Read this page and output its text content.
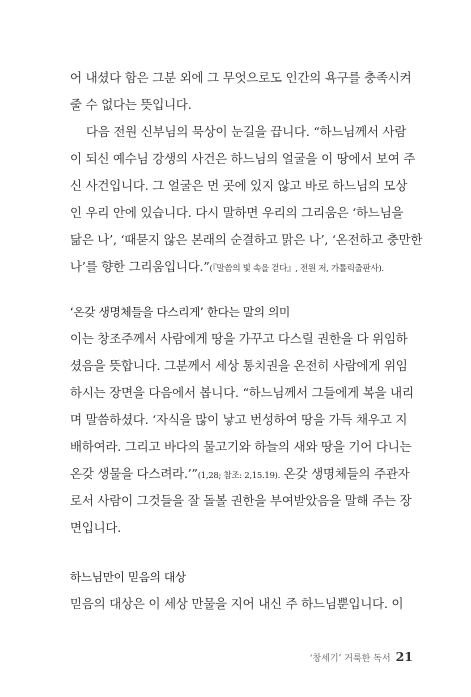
어 내셨다 함은 그분 외에 그 무엇으로도 인간의 욕구를 충족시켜
줄 수 없다는 뜻입니다.
다음 전원 신부님의 묵상이 눈길을 끕니다. “하느님께서 사람
이 되신 예수님 강생의 사건은 하느님의 얼굴을 이 땅에서 보여 주
신 사건입니다. 그 얼굴은 먼 곳에 있지 않고 바로 하느님의 모상
인 우리 안에 있습니다. 다시 말하면 우리의 그리움은 ‘하느님을
닮은 나’, ‘때묻지 않은 본래의 순결하고 맑은 나’, ‘온전하고 충만한
나’를 향한 그리움입니다.”(『말씀의 빛 속을 걷다』, 전원 저, 가톨릭출판사).
‘온갖 생명체들을 다스리게’ 한다는 말의 의미
이는 창조주께서 사람에게 땅을 가꾸고 다스릴 권한을 다 위임하
셨음을 뜻합니다. 그분께서 세상 통치권을 온전히 사람에게 위임
하시는 장면을 다음에서 봅니다. “하느님께서 그들에게 복을 내리
며 말씀하셨다. ‘자식을 많이 낳고 번성하여 땅을 가득 채우고 지
배하여라. 그리고 바다의 물고기와 하늘의 새와 땅을 기어 다니는
온갖 생물을 다스려라.’”(1,28; 참조: 2,15.19). 온갖 생명체들의 주관자
로서 사람이 그것들을 잘 돌볼 권한을 부여받았음을 말해 주는 장
면입니다.
하느님만이 믿음의 대상
믿음의 대상은 이 세상 만물을 지어 내신 주 하느님뿐입니다. 이
‘창세기’ 거룩한 독서 21
